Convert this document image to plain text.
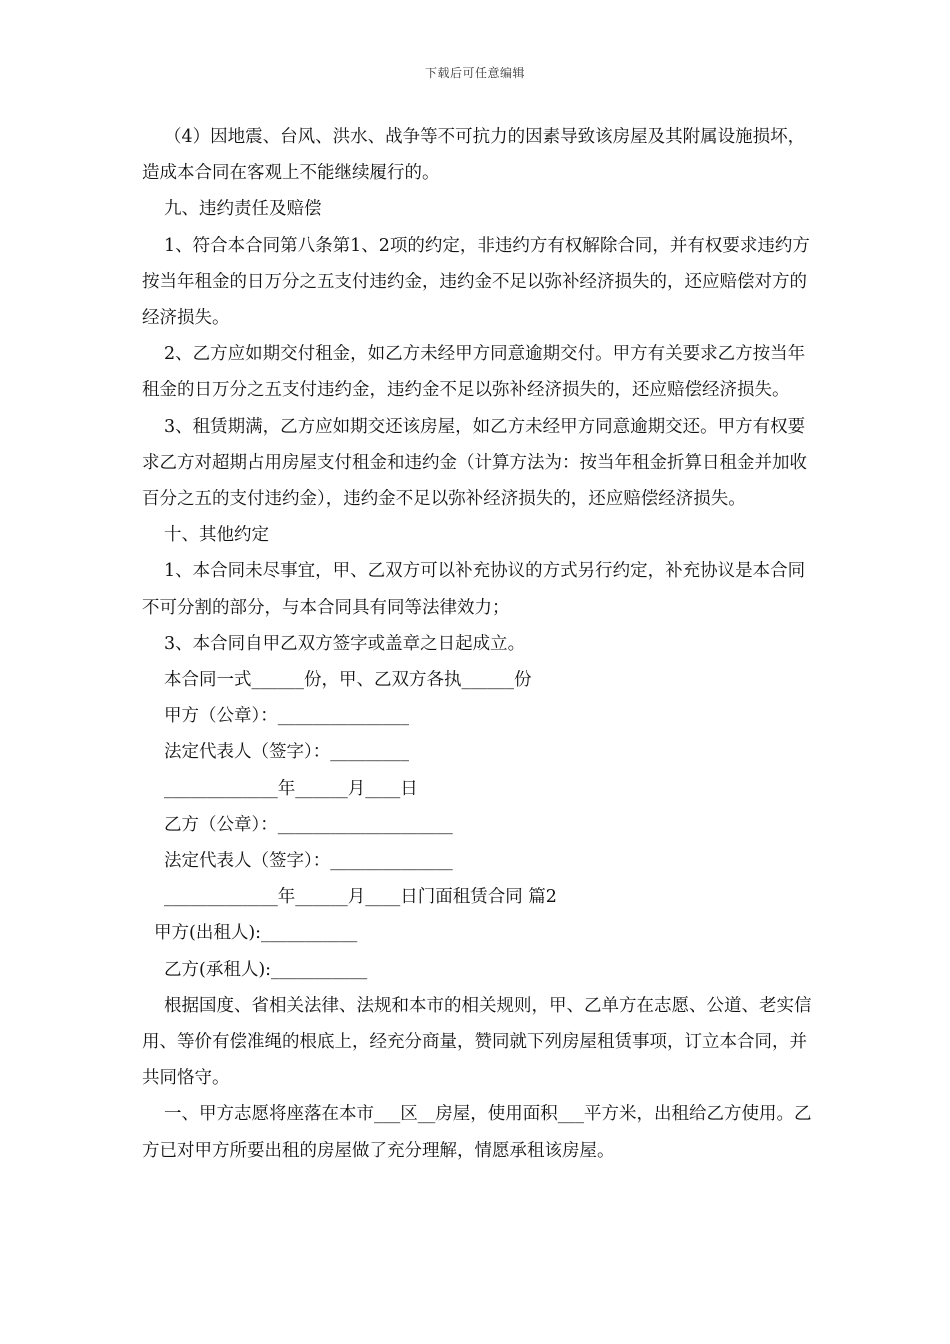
下载后可任意编辑

（4）因地震、台风、洪水、战争等不可抗力的因素导致该房屋及其附属设施损坏，造成本合同在客观上不能继续履行的。

九、违约责任及赔偿

1、符合本合同第八条第1、2项的约定，非违约方有权解除合同，并有权要求违约方按当年租金的日万分之五支付违约金，违约金不足以弥补经济损失的，还应赔偿对方的经济损失。

2、乙方应如期交付租金，如乙方未经甲方同意逾期交付。甲方有关要求乙方按当年租金的日万分之五支付违约金，违约金不足以弥补经济损失的，还应赔偿经济损失。

3、租赁期满，乙方应如期交还该房屋，如乙方未经甲方同意逾期交还。甲方有权要求乙方对超期占用房屋支付租金和违约金（计算方法为：按当年租金折算日租金并加收百分之五的支付违约金），违约金不足以弥补经济损失的，还应赔偿经济损失。

十、其他约定

1、本合同未尽事宜，甲、乙双方可以补充协议的方式另行约定，补充协议是本合同不可分割的部分，与本合同具有同等法律效力；

3、本合同自甲乙双方签字或盖章之日起成立。

本合同一式______份，甲、乙双方各执______份

甲方（公章）：_______________

法定代表人（签字）：_________

_____________年______月____日

乙方（公章）：____________________

法定代表人（签字）：______________

_____________年______月____日门面租赁合同 篇2

甲方(出租人):___________

乙方(承租人):___________

根据国度、省相关法律、法规和本市的相关规则，甲、乙单方在志愿、公道、老实信用、等价有偿准绳的根底上，经充分商量，赞同就下列房屋租赁事项，订立本合同，并共同恪守。

一、甲方志愿将座落在本市___区__房屋，使用面积___平方米，出租给乙方使用。乙方已对甲方所要出租的房屋做了充分理解，情愿承租该房屋。
